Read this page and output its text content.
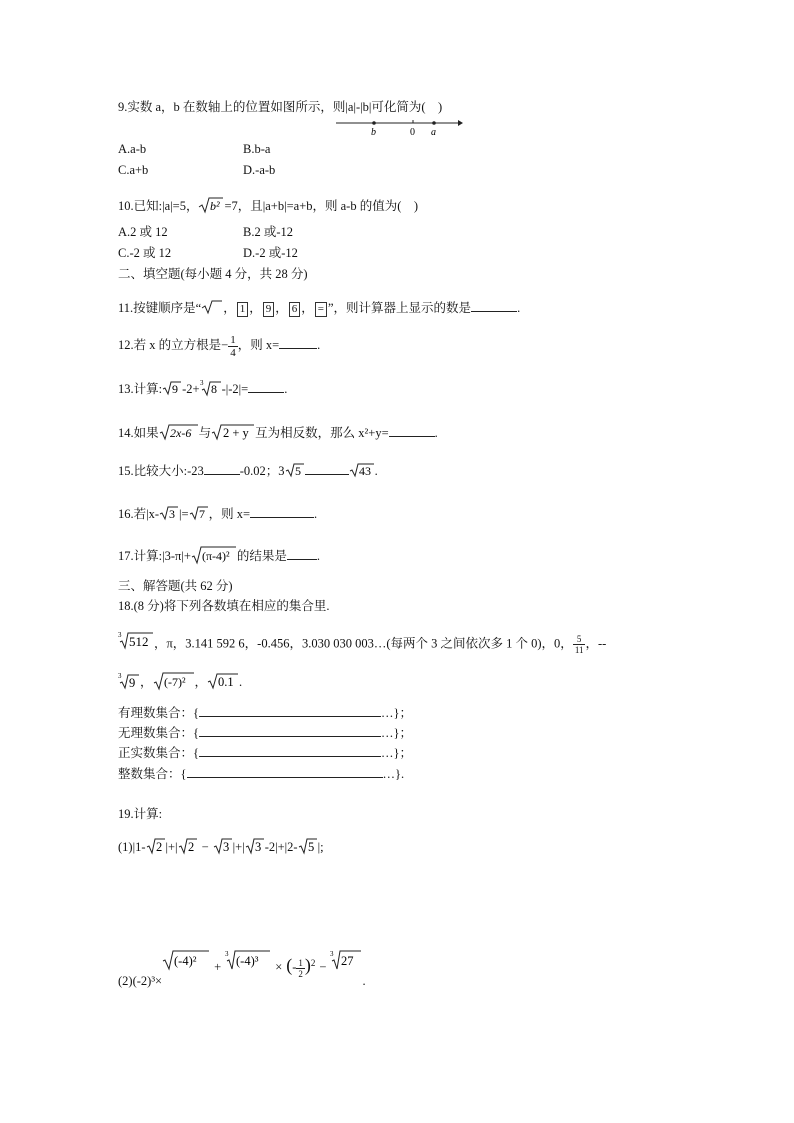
9.实数 a，b 在数轴上的位置如图所示，则|a|-|b|可化简为(　)
b	0 a
A.a-b	B.b-a
C.a+b	D.-a-b
10.已知:|a|=5， b² =7，且|a+b|=a+b，则 a-b 的值为(　)
A.2 或 12	B.2 或-12
C.-2 或 12	D.-2 或-12
二、填空题(每小题 4 分，共 28 分)
11.按键顺序是“ ， 1 ， 9 ， 6 ， = ”，则计算器上显示的数是	.
12.若 x 的立方根是− $\frac{1}{4}$ ，则 x=	.
13.计算: 9 -2+ 3 8 -|-2|=	.
14.如果 2x-6 与 2 + y 互为相反数，那么 x²+y=	.
15.比较大小:-23	-0.02；3 5	43 .
16.若|x- 3 |= 7 ，则 x=	.
17.计算:|3-π|+ (π-4)² 的结果是 .
三、解答题(共 62 分)
18.(8 分)将下列各数填在相应的集合里.
3 512 ，π，3.141 592 6，-0.456，3.030 030 003…(每两个 3 之间依次多 1 个 0)，0， $\frac{5}{11}$ ，--
3 9 ， (-7)² ， 0.1 .
有理数集合：{	…}；
无理数集合：{	…}；
正实数集合：{	…}；
整数集合：{	…}.
19.计算:
(1)|1- 2 |+| 2 − 3 |+| 3 -2|+|2- 5 |;
(2)(-2)³×
(-4)² +
3 (-4)³ × (- $\frac{1}{2} )^2$ −
3 27
.
